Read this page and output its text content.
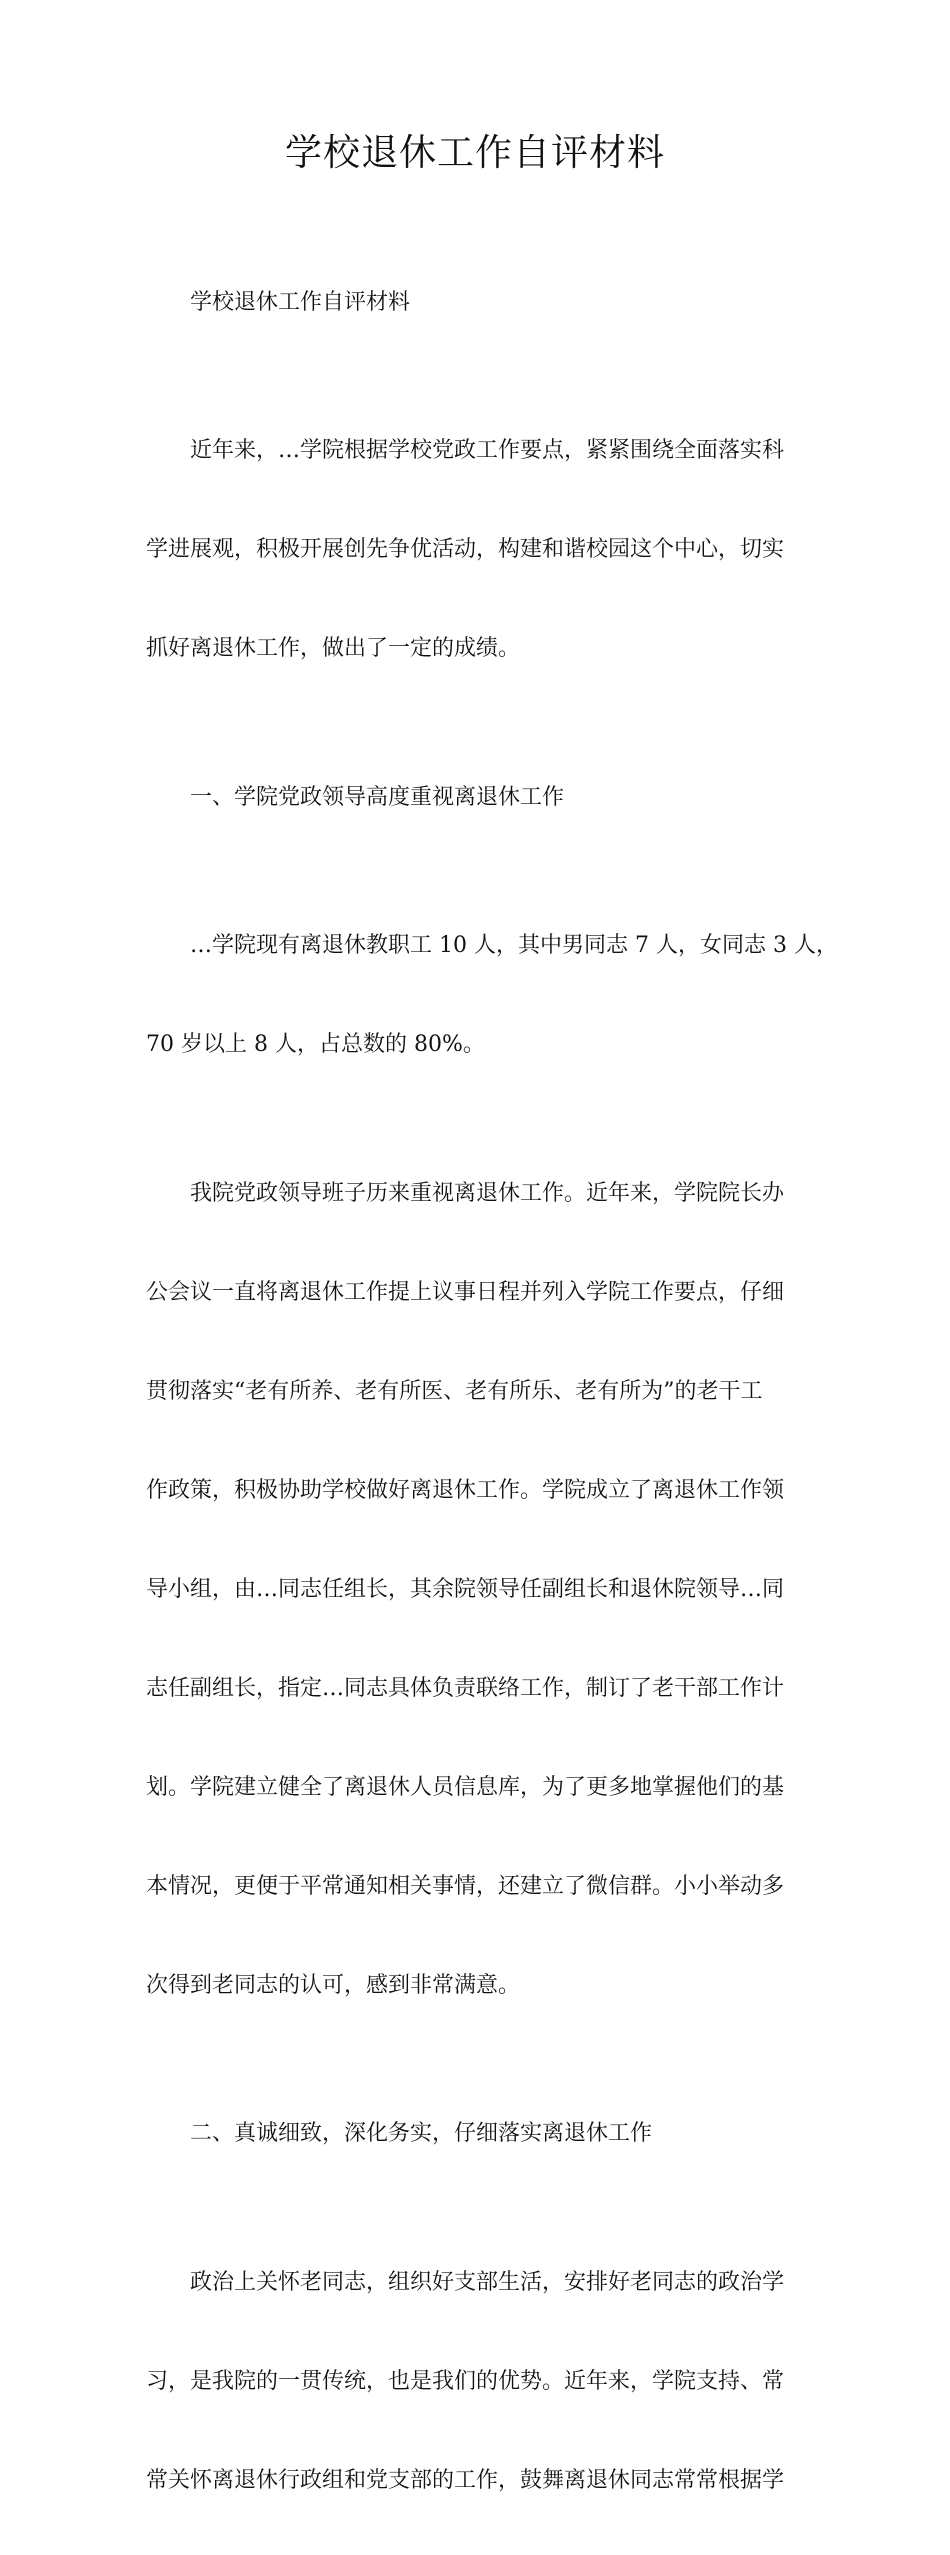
学校退休工作自评材料

学校退休工作自评材料

近年来，…学院根据学校党政工作要点，紧紧围绕全面落实科

学进展观，积极开展创先争优活动，构建和谐校园这个中心，切实

抓好离退休工作，做出了一定的成绩。

一、学院党政领导高度重视离退休工作

…学院现有离退休教职工 10 人，其中男同志 7 人，女同志 3 人，

70 岁以上 8 人，占总数的 80%。

我院党政领导班子历来重视离退休工作。近年来，学院院长办

公会议一直将离退休工作提上议事日程并列入学院工作要点，仔细

贯彻落实“老有所养、老有所医、老有所乐、老有所为”的老干工

作政策，积极协助学校做好离退休工作。学院成立了离退休工作领

导小组，由…同志任组长，其余院领导任副组长和退休院领导…同

志任副组长，指定…同志具体负责联络工作，制订了老干部工作计

划。学院建立健全了离退休人员信息库，为了更多地掌握他们的基

本情况，更便于平常通知相关事情，还建立了微信群。小小举动多

次得到老同志的认可，感到非常满意。

二、真诚细致，深化务实，仔细落实离退休工作

政治上关怀老同志，组织好支部生活，安排好老同志的政治学

习，是我院的一贯传统，也是我们的优势。近年来，学院支持、常

常关怀离退休行政组和党支部的工作，鼓舞离退休同志常常根据学
